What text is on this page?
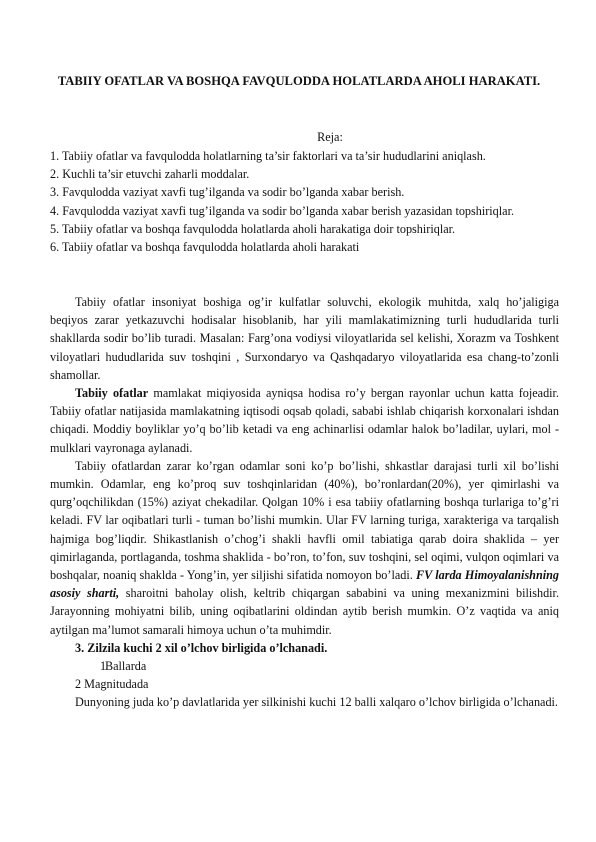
TABIIY OFATLAR VA BOSHQA FAVQULODDA HOLATLARDA AHOLI HARAKATI.
Reja:

1. Tabiiy ofatlar va favqulodda holatlarning ta’sir faktorlari va ta’sir hududlarini aniqlash.

2. Kuchli ta’sir etuvchi zaharli moddalar.

3. Favqulodda vaziyat xavfi tug’ilganda va sodir bo’lganda xabar berish.

4. Favqulodda vaziyat xavfi tug’ilganda va sodir bo’lganda xabar berish yazasidan topshiriqlar.

5. Tabiiy ofatlar va boshqa favqulodda holatlarda aholi harakatiga doir topshiriqlar.

6. Tabiiy ofatlar va boshqa favqulodda holatlarda aholi harakati

Tabiiy ofatlar insoniyat boshiga og’ir kulfatlar soluvchi, ekologik muhitda, xalq ho’jaligiga beqiyos zarar yetkazuvchi hodisalar hisoblanib, har yili mamlakatimizning turli hududlarida turli shakllarda sodir bo’lib turadi. Masalan: Farg’ona vodiysi viloyatlarida sel kelishi, Xorazm va Toshkent viloyatlari hududlarida suv toshqini , Surxondaryo va Qashqadaryo viloyatlarida esa chang-to’zonli shamollar.

Tabiiy ofatlar mamlakat miqiyosida ayniqsa hodisa ro’y bergan rayonlar uchun katta fojeadir. Tabiiy ofatlar natijasida mamlakatning iqtisodi oqsab qoladi, sababi ishlab chiqarish korxonalari ishdan chiqadi. Moddiy boyliklar yo’q bo’lib ketadi va eng achinarlisi odamlar halok bo’ladilar, uylari, mol - mulklari vayronaga aylanadi.

Tabiiy ofatlardan zarar ko’rgan odamlar soni ko’p bo’lishi, shkastlar darajasi turli xil bo’lishi mumkin. Odamlar, eng ko’proq suv toshqinlaridan (40%), bo’ronlardan(20%), yer qimirlashi va qurg’oqchilikdan (15%) aziyat chekadilar. Qolgan 10% i esa tabiiy ofatlarning boshqa turlariga to’g’ri keladi. FV lar oqibatlari turli - tuman bo’lishi mumkin. Ular FV larning turiga, xarakteriga va tarqalish hajmiga bog’liqdir. Shikastlanish o’chog’i shakli havfli omil tabiatiga qarab doira shaklida – yer qimirlaganda, portlaganda, toshma shaklida - bo’ron, to’fon, suv toshqini, sel oqimi, vulqon oqimlari va boshqalar, noaniq shaklda - Yong’in, yer siljishi sifatida nomoyon bo’ladi. FV larda Himoyalanishning asosiy sharti, sharoitni baholay olish, keltrib chiqargan sababini va uning mexanizmini bilishdir. Jarayonning mohiyatni bilib, uning oqibatlarini oldindan aytib berish mumkin. O’z vaqtida va aniq aytilgan ma’lumot samarali himoya uchun o’ta muhimdir.

3. Zilzila kuchi 2 xil o’lchov birligida o’lchanadi.

1Ballarda

2 Magnitudada

Dunyoning juda ko’p davlatlarida yer silkinishi kuchi 12 balli xalqaro o’lchov birligida o’lchanadi.
